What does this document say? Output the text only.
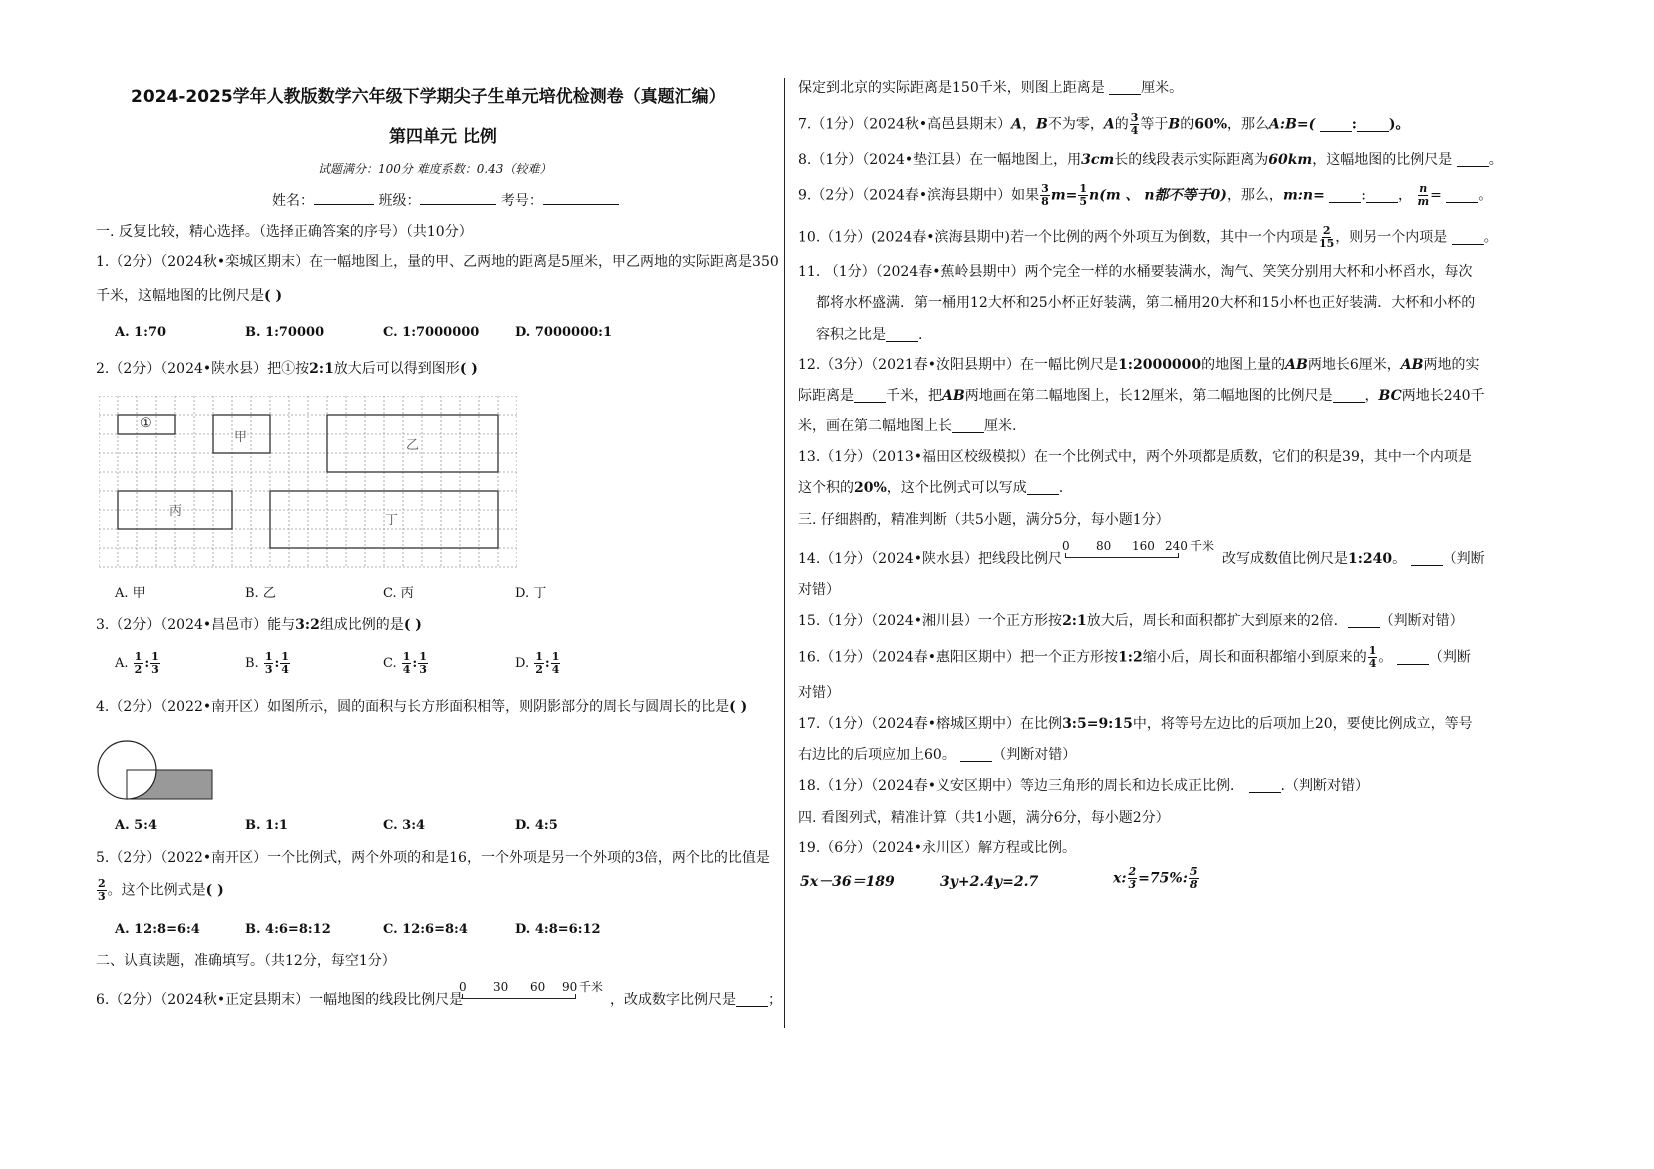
2024-2025学年人教版数学六年级下学期尖子生单元培优检测卷（真题汇编）
第四单元 比例
试题满分：100分 难度系数：0.43（较难）
姓名：	班级：	考号：
一. 反复比较，精心选择。（选择正确答案的序号）（共10分）
1.（2分）（2024秋•栾城区期末）在一幅地图上，量的甲、乙两地的距离是5厘米，甲乙两地的实际距离是350
千米，这幅地图的比例尺是( )
A. 1:70	B. 1:70000	C. 1:7000000	D. 7000000:1
2.（2分）（2024•陕水县）把①按2:1放大后可以得到图形( )
①
甲
乙
丙
丁
A. 甲	B. 乙	C. 丙	D. 丁
3.（2分）（2024•昌邑市）能与3:2组成比例的是( )
A. $\frac{1}{2}$ : $\frac{1}{3}$	B. $\frac{1}{3}$ : $\frac{1}{4}$	C. $\frac{1}{4}$ : $\frac{1}{3}$	D. $\frac{1}{2}$ : $\frac{1}{4}$
4.（2分）（2022•南开区）如图所示，圆的面积与长方形面积相等，则阴影部分的周长与圆周长的比是( )
A. 5:4	B. 1:1	C. 3:4	D. 4:5
5.（2分）（2022•南开区）一个比例式，两个外项的和是16，一个外项是另一个外项的3倍，两个比的比值是
$\frac{2}{3}$ 。这个比例式是( )
A. 12:8=6:4	B. 4:6=8:12	C. 12:6=8:4	D. 4:8=6:12
二、认真读题，准确填写。（共12分，每空1分）
6.（2分）（2024秋•正定县期末）一幅地图的线段比例尺是
0 30 60 90 千米
，改成数字比例尺是 ；
保定到北京的实际距离是150千米，则图上距离是	厘米。
7.（1分）（2024秋•高邑县期末）A，B不为零，A的 $\frac{3}{4}$ 等于B的60%，那么A:B=(	: )。
8.（1分）（2024•垫江县）在一幅地图上，用3cm长的线段表示实际距离为60km，这幅地图的比例尺是	。
9.（2分）（2024春•滨海县期中）如果 $\frac{3}{8} m= \frac{1}{5} n(m$ 、 n都不等于0)，那么，m:n=	: ， $\frac{n}{m}$ =	。
10.（1分）(2024春•滨海县期中)若一个比例的两个外项互为倒数，其中一个内项是 $\frac{2}{15}$ ，则另一个内项是	。
11. （1分）（2024春•蕉岭县期中）两个完全一样的水桶要装满水，淘气、笑笑分别用大杯和小杯舀水，每次
都将水杯盛满．第一桶用12大杯和25小杯正好装满，第二桶用20大杯和15小杯也正好装满．大杯和小杯的
容积之比是 .
12.（3分）（2021春•汝阳县期中）在一幅比例尺是1:2000000的地图上量的AB两地长6厘米，AB两地的实
际距离是 千米，把AB两地画在第二幅地图上，长12厘米，第二幅地图的比例尺是 ，BC两地长240千
米，画在第二幅地图上长 厘米.
13.（1分）（2013•福田区校级模拟）在一个比例式中，两个外项都是质数，它们的积是39，其中一个内项是
这个积的20%，这个比例式可以写成 .
三. 仔细斟酌，精准判断（共5小题，满分5分，每小题1分）
14.（1分）（2024•陕水县）把线段比例尺
0 80 160 240 千米
改写成数值比例尺是1:240。	（判断
对错）
15.（1分）（2024•湘川县）一个正方形按2:1放大后，周长和面积都扩大到原来的2倍． （判断对错）
16.（1分）（2024春•惠阳区期中）把一个正方形按1:2缩小后，周长和面积都缩小到原来的 $\frac{1}{4}$ 。	（判断
对错）
17.（1分）（2024春•榕城区期中）在比例3:5=9:15中，将等号左边比的后项加上20，要使比例成立，等号
右边比的后项应加上60。	（判断对错）
18.（1分）（2024春•义安区期中）等边三角形的周长和边长成正比例．	.（判断对错）
四. 看图列式，精准计算（共1小题，满分6分，每小题2分）
19.（6分）（2024•永川区）解方程或比例。
5x－36＝189	3y+2.4y=2.7	x: $\frac{2}{3} =75\%$: $\frac{5}{8}$
